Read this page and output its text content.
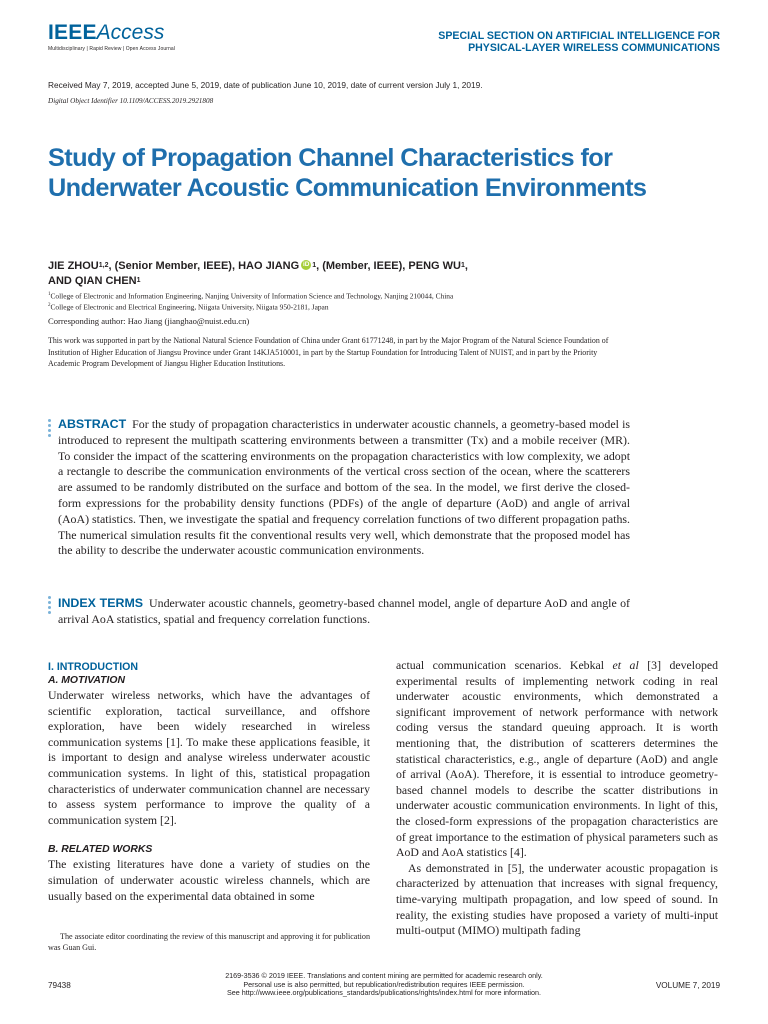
IEEEAccess
Multidisciplinary | Rapid Review | Open Access Journal
SPECIAL SECTION ON ARTIFICIAL INTELLIGENCE FOR
PHYSICAL-LAYER WIRELESS COMMUNICATIONS
Received May 7, 2019, accepted June 5, 2019, date of publication June 10, 2019, date of current version July 1, 2019.
Digital Object Identifier 10.1109/ACCESS.2019.2921808
Study of Propagation Channel Characteristics for Underwater Acoustic Communication Environments
JIE ZHOU$^{1,2}$, (Senior Member, IEEE), HAO JIANG iD $^1$, (Member, IEEE), PENG $WU^1$,
AND QIAN CHEN$^1$
$^1$College of Electronic and Information Engineering, Nanjing University of Information Science and Technology, Nanjing 210044, China
$^2$College of Electronic and Electrical Engineering, Niigata University, Niigata 950-2181, Japan
Corresponding author: Hao Jiang (jianghao@nuist.edu.cn)
This work was supported in part by the National Natural Science Foundation of China under Grant 61771248, in part by the Major Program of the Natural Science Foundation of Institution of Higher Education of Jiangsu Province under Grant 14KJA510001, in part by the Startup Foundation for Introducing Talent of NUIST, and in part by the Priority Academic Program Development of Jiangsu Higher Education Institutions.
ABSTRACT For the study of propagation characteristics in underwater acoustic channels, a geometry-based model is introduced to represent the multipath scattering environments between a transmitter (Tx) and a mobile receiver (MR). To consider the impact of the scattering environments on the propagation characteristics with low complexity, we adopt a rectangle to describe the communication environments of the vertical cross section of the ocean, where the scatterers are assumed to be randomly distributed on the surface and bottom of the sea. In the model, we first derive the closed-form expressions for the probability density functions (PDFs) of the angle of departure (AoD) and angle of arrival (AoA) statistics. Then, we investigate the spatial and frequency correlation functions of two different propagation paths. The numerical simulation results fit the conventional results very well, which demonstrate that the proposed model has the ability to describe the underwater acoustic communication environments.
INDEX TERMS Underwater acoustic channels, geometry-based channel model, angle of departure AoD and angle of arrival AoA statistics, spatial and frequency correlation functions.
I. INTRODUCTION
A. MOTIVATION

Underwater wireless networks, which have the advantages of scientific exploration, tactical surveillance, and offshore exploration, have been widely researched in wireless communication systems [1]. To make these applications feasible, it is important to design and analyse wireless underwater acoustic communication systems. In light of this, statistical propagation characteristics of underwater communication channel are necessary to assess system performance to improve the quality of a communication system [2].

B. RELATED WORKS

The existing literatures have done a variety of studies on the simulation of underwater acoustic wireless channels, which are usually based on the experimental data obtained in some

The associate editor coordinating the review of this manuscript and approving it for publication was Guan Gui.

actual communication scenarios. Kebkal et al [3] developed experimental results of implementing network coding in real underwater acoustic environments, which demonstrated a significant improvement of network performance with network coding versus the standard queuing approach. It is worth mentioning that, the distribution of scatterers determines the statistical characteristics, e.g., angle of departure (AoD) and angle of arrival (AoA). Therefore, it is essential to introduce geometry-based channel models to describe the scatter distributions in underwater acoustic communication environments. In light of this, the closed-form expressions of the propagation characteristics are of great importance to the estimation of physical parameters such as AoD and AoA statistics [4].

As demonstrated in [5], the underwater acoustic propagation is characterized by attenuation that increases with signal frequency, time-varying multipath propagation, and low speed of sound. In reality, the existing studies have proposed a variety of multi-input multi-output (MIMO) multipath fading

2169-3536 © 2019 IEEE. Translations and content mining are permitted for academic research only.
Personal use is also permitted, but republication/redistribution requires IEEE permission.
See http://www.ieee.org/publications_standards/publications/rights/index.html for more information.
79438	VOLUME 7, 2019
